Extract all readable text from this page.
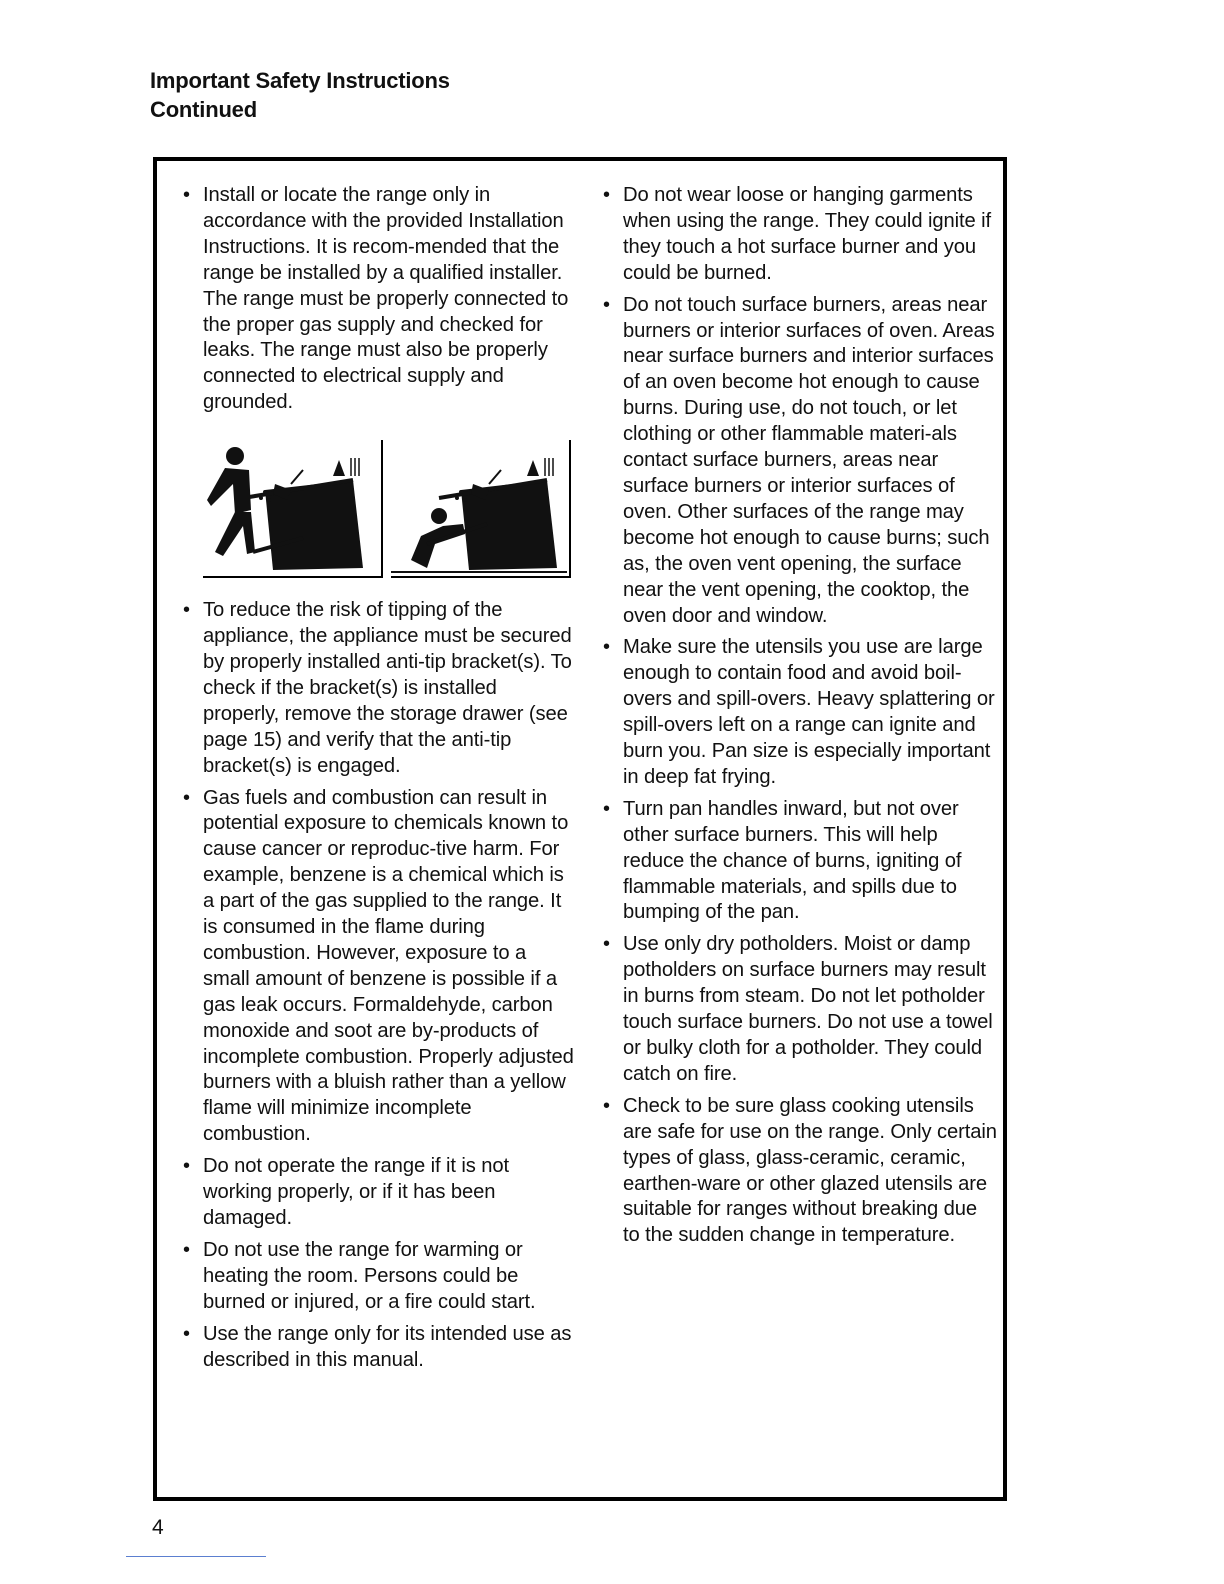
Important Safety Instructions
Continued
• Install or locate the range only in accordance with the provided Installation Instructions. It is recom-mended that the range be installed by a qualified installer. The range must be properly connected to the proper gas supply and checked for leaks. The range must also be properly connected to electrical supply and grounded.
• To reduce the risk of tipping of the appliance, the appliance must be secured by properly installed anti-tip bracket(s). To check if the bracket(s) is installed properly, remove the storage drawer (see page 15) and verify that the anti-tip bracket(s) is engaged.
• Gas fuels and combustion can result in potential exposure to chemicals known to cause cancer or reproduc-tive harm. For example, benzene is a chemical which is a part of the gas supplied to the range. It is consumed in the flame during combustion. However, exposure to a small amount of benzene is possible if a gas leak occurs. Formaldehyde, carbon monoxide and soot are by-products of incomplete combustion. Properly adjusted burners with a bluish rather than a yellow flame will minimize incomplete combustion.
• Do not operate the range if it is not working properly, or if it has been damaged.
• Do not use the range for warming or heating the room. Persons could be burned or injured, or a fire could start.
• Use the range only for its intended use as described in this manual.
• Do not wear loose or hanging garments when using the range. They could ignite if they touch a hot surface burner and you could be burned.
• Do not touch surface burners, areas near burners or interior surfaces of oven. Areas near surface burners and interior surfaces of an oven become hot enough to cause burns. During use, do not touch, or let clothing or other flammable materi-als contact surface burners, areas near surface burners or interior surfaces of oven. Other surfaces of the range may become hot enough to cause burns; such as, the oven vent opening, the surface near the vent opening, the cooktop, the oven door and window.
• Make sure the utensils you use are large enough to contain food and avoid boil-overs and spill-overs. Heavy splattering or spill-overs left on a range can ignite and burn you. Pan size is especially important in deep fat frying.
• Turn pan handles inward, but not over other surface burners. This will help reduce the chance of burns, igniting of flammable materials, and spills due to bumping of the pan.
• Use only dry potholders. Moist or damp potholders on surface burners may result in burns from steam. Do not let potholder touch surface burners. Do not use a towel or bulky cloth for a potholder. They could catch on fire.
• Check to be sure glass cooking utensils are safe for use on the range. Only certain types of glass, glass-ceramic, ceramic, earthen-ware or other glazed utensils are suitable for ranges without breaking due to the sudden change in temperature.
4
